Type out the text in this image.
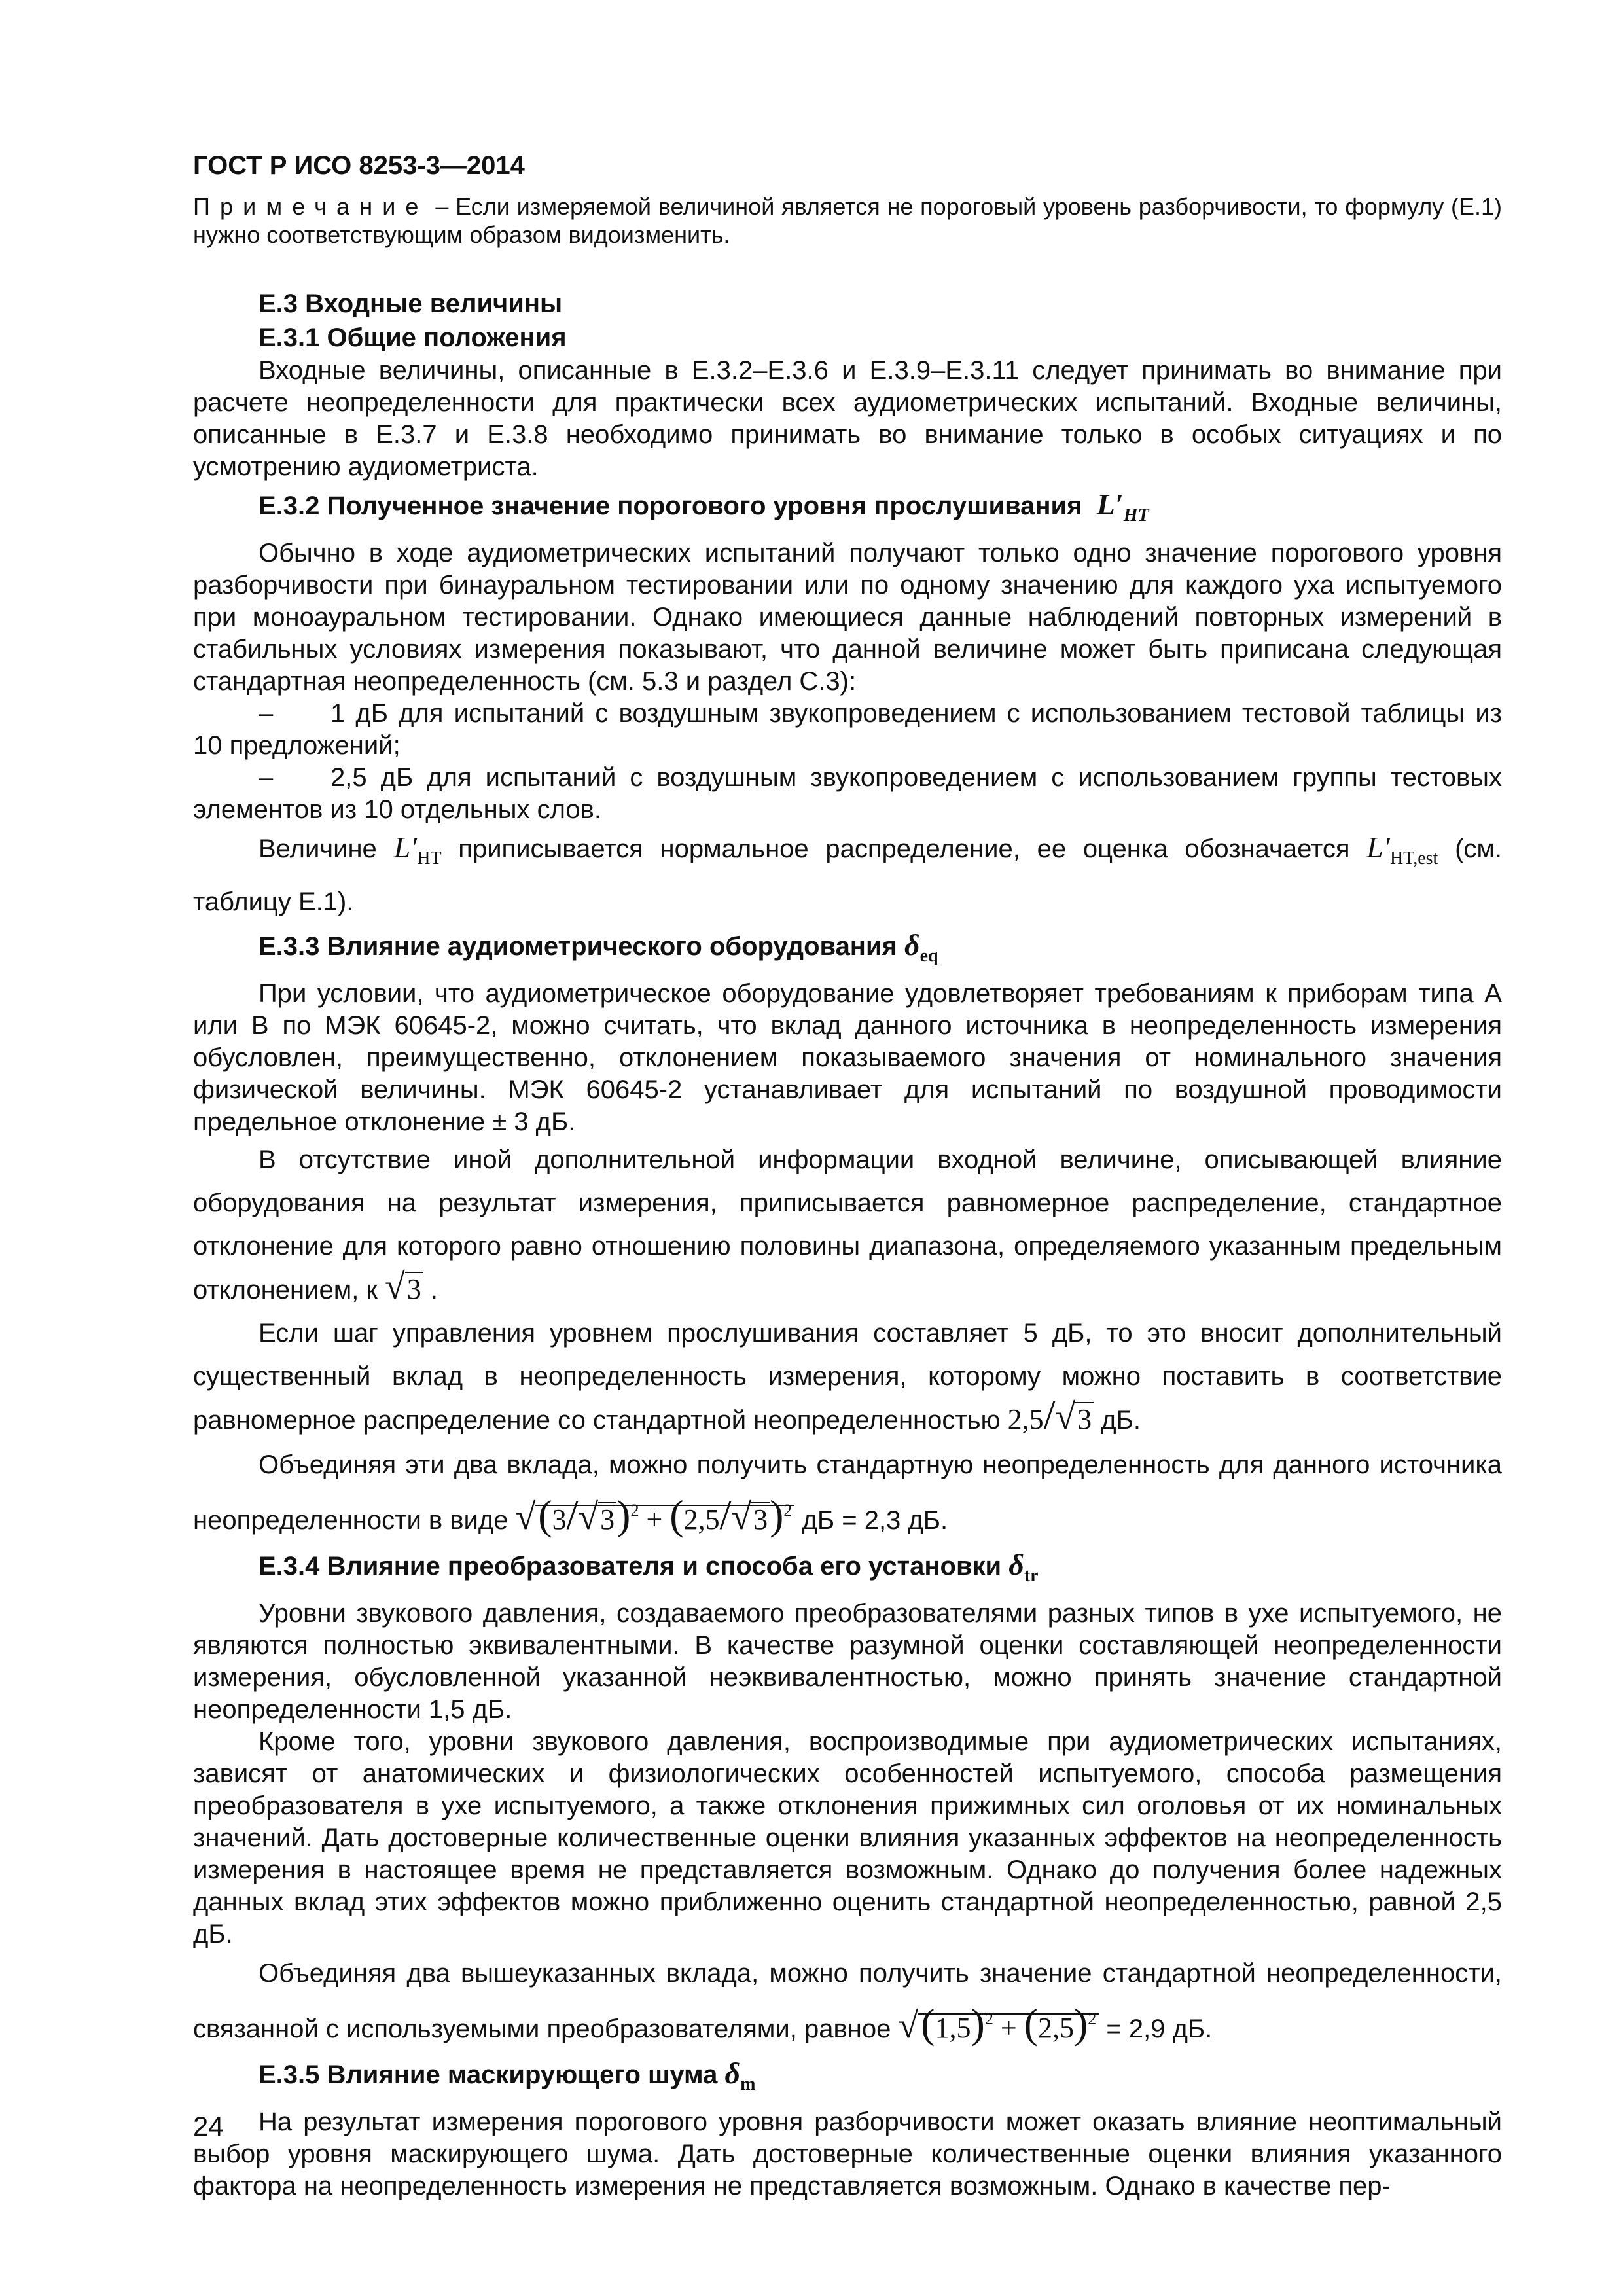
ГОСТ Р ИСО 8253-3—2014
Примечание – Если измеряемой величиной является не пороговый уровень разборчивости, то формулу (Е.1) нужно соответствующим образом видоизменить.
Е.3 Входные величины
Е.3.1 Общие положения

Входные величины, описанные в Е.3.2–Е.3.6 и Е.3.9–Е.3.11 следует принимать во внимание при расчете неопределенности для практически всех аудиометрических испытаний. Входные величины, описанные в Е.3.7 и Е.3.8 необходимо принимать во внимание только в особых ситуациях и по усмотрению аудиометриста.

Е.3.2 Полученное значение порогового уровня прослушивания $L'_{HT}$

Обычно в ходе аудиометрических испытаний получают только одно значение порогового уровня разборчивости при бинауральном тестировании или по одному значению для каждого уха испытуемого при моноауральном тестировании. Однако имеющиеся данные наблюдений повторных измерений в стабильных условиях измерения показывают, что данной величине может быть приписана следующая стандартная неопределенность (см. 5.3 и раздел С.3):

– 1 дБ для испытаний с воздушным звукопроведением с использованием тестовой таблицы из 10 предложений;
– 2,5 дБ для испытаний с воздушным звукопроведением с использованием группы тестовых элементов из 10 отдельных слов.

Величине $L'_{HT}$ приписывается нормальное распределение, ее оценка обозначается $L'_{HT,est}$ (см. таблицу Е.1).

Е.3.3 Влияние аудиометрического оборудования $\delta_{eq}$

При условии, что аудиометрическое оборудование удовлетворяет требованиям к приборам типа А или В по МЭК 60645-2, можно считать, что вклад данного источника в неопределенность измерения обусловлен, преимущественно, отклонением показываемого значения от номинального значения физической величины. МЭК 60645-2 устанавливает для испытаний по воздушной проводимости предельное отклонение ± 3 дБ.

В отсутствие иной дополнительной информации входной величине, описывающей влияние оборудования на результат измерения, приписывается равномерное распределение, стандартное отклонение для которого равно отношению половины диапазона, определяемого указанным предельным отклонением, к √3 .

Если шаг управления уровнем прослушивания составляет 5 дБ, то это вносит дополнительный существенный вклад в неопределенность измерения, которому можно поставить в соответствие равномерное распределение со стандартной неопределенностью 2,5/√3 дБ.

Объединяя эти два вклада, можно получить стандартную неопределенность для данного источника неопределенности в виде $√(3/√3)^2 + (2,5/√3)^2$ дБ = 2,3 дБ.

Е.3.4 Влияние преобразователя и способа его установки $\delta_{tr}$

Уровни звукового давления, создаваемого преобразователями разных типов в ухе испытуемого, не являются полностью эквивалентными. В качестве разумной оценки составляющей неопределенности измерения, обусловленной указанной неэквивалентностью, можно принять значение стандартной неопределенности 1,5 дБ.

Кроме того, уровни звукового давления, воспроизводимые при аудиометрических испытаниях, зависят от анатомических и физиологических особенностей испытуемого, способа размещения преобразователя в ухе испытуемого, а также отклонения прижимных сил оголовья от их номинальных значений. Дать достоверные количественные оценки влияния указанных эффектов на неопределенность измерения в настоящее время не представляется возможным. Однако до получения более надежных данных вклад этих эффектов можно приближенно оценить стандартной неопределенностью, равной 2,5 дБ.

Объединяя два вышеуказанных вклада, можно получить значение стандартной неопределенности, связанной с используемыми преобразователями, равное $√(1,5)^2 + (2,5)^2 = 2,9$ дБ.

Е.3.5 Влияние маскирующего шума $\delta_m$

На результат измерения порогового уровня разборчивости может оказать влияние неоптимальный выбор уровня маскирующего шума. Дать достоверные количественные оценки влияния указанного фактора на неопределенность измерения не представляется возможным. Однако в качестве пер-

24
